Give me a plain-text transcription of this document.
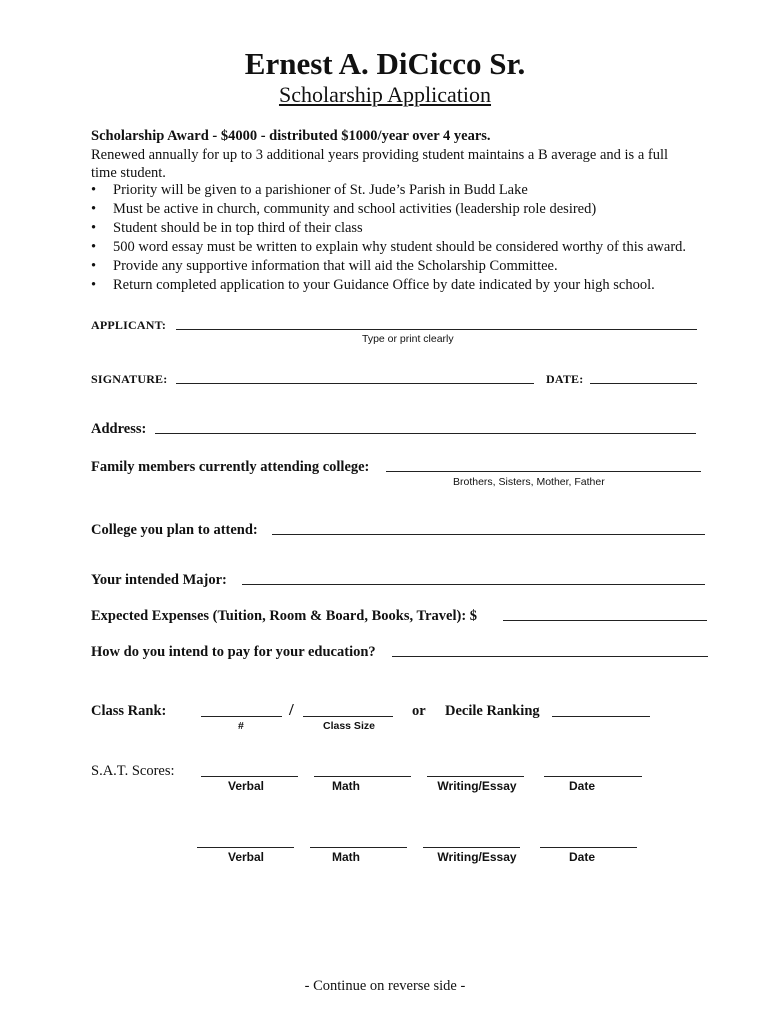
Ernest A. DiCicco Sr.
Scholarship Application
Scholarship Award - $4000 - distributed $1000/year over 4 years.
Renewed annually for up to 3 additional years providing student maintains a B average and is a full
time student.
• Priority will be given to a parishioner of St. Jude’s Parish in Budd Lake
• Must be active in church, community and school activities (leadership role desired)
• Student should be in top third of their class
• 500 word essay must be written to explain why student should be considered worthy of this award.
• Provide any supportive information that will aid the Scholarship Committee.
• Return completed application to your Guidance Office by date indicated by your high school.
APPLICANT:
Type or print clearly
SIGNATURE:	DATE:
Address:
Family members currently attending college:
Brothers, Sisters, Mother, Father
College you plan to attend:
Your intended Major:
Expected Expenses (Tuition, Room & Board, Books, Travel): $
How do you intend to pay for your education?
Class Rank:	/	or Decile Ranking
#	Class Size
S.A.T. Scores:
Verbal	Math	Writing/Essay	Date
Verbal	Math	Writing/Essay	Date
- Continue on reverse side -
